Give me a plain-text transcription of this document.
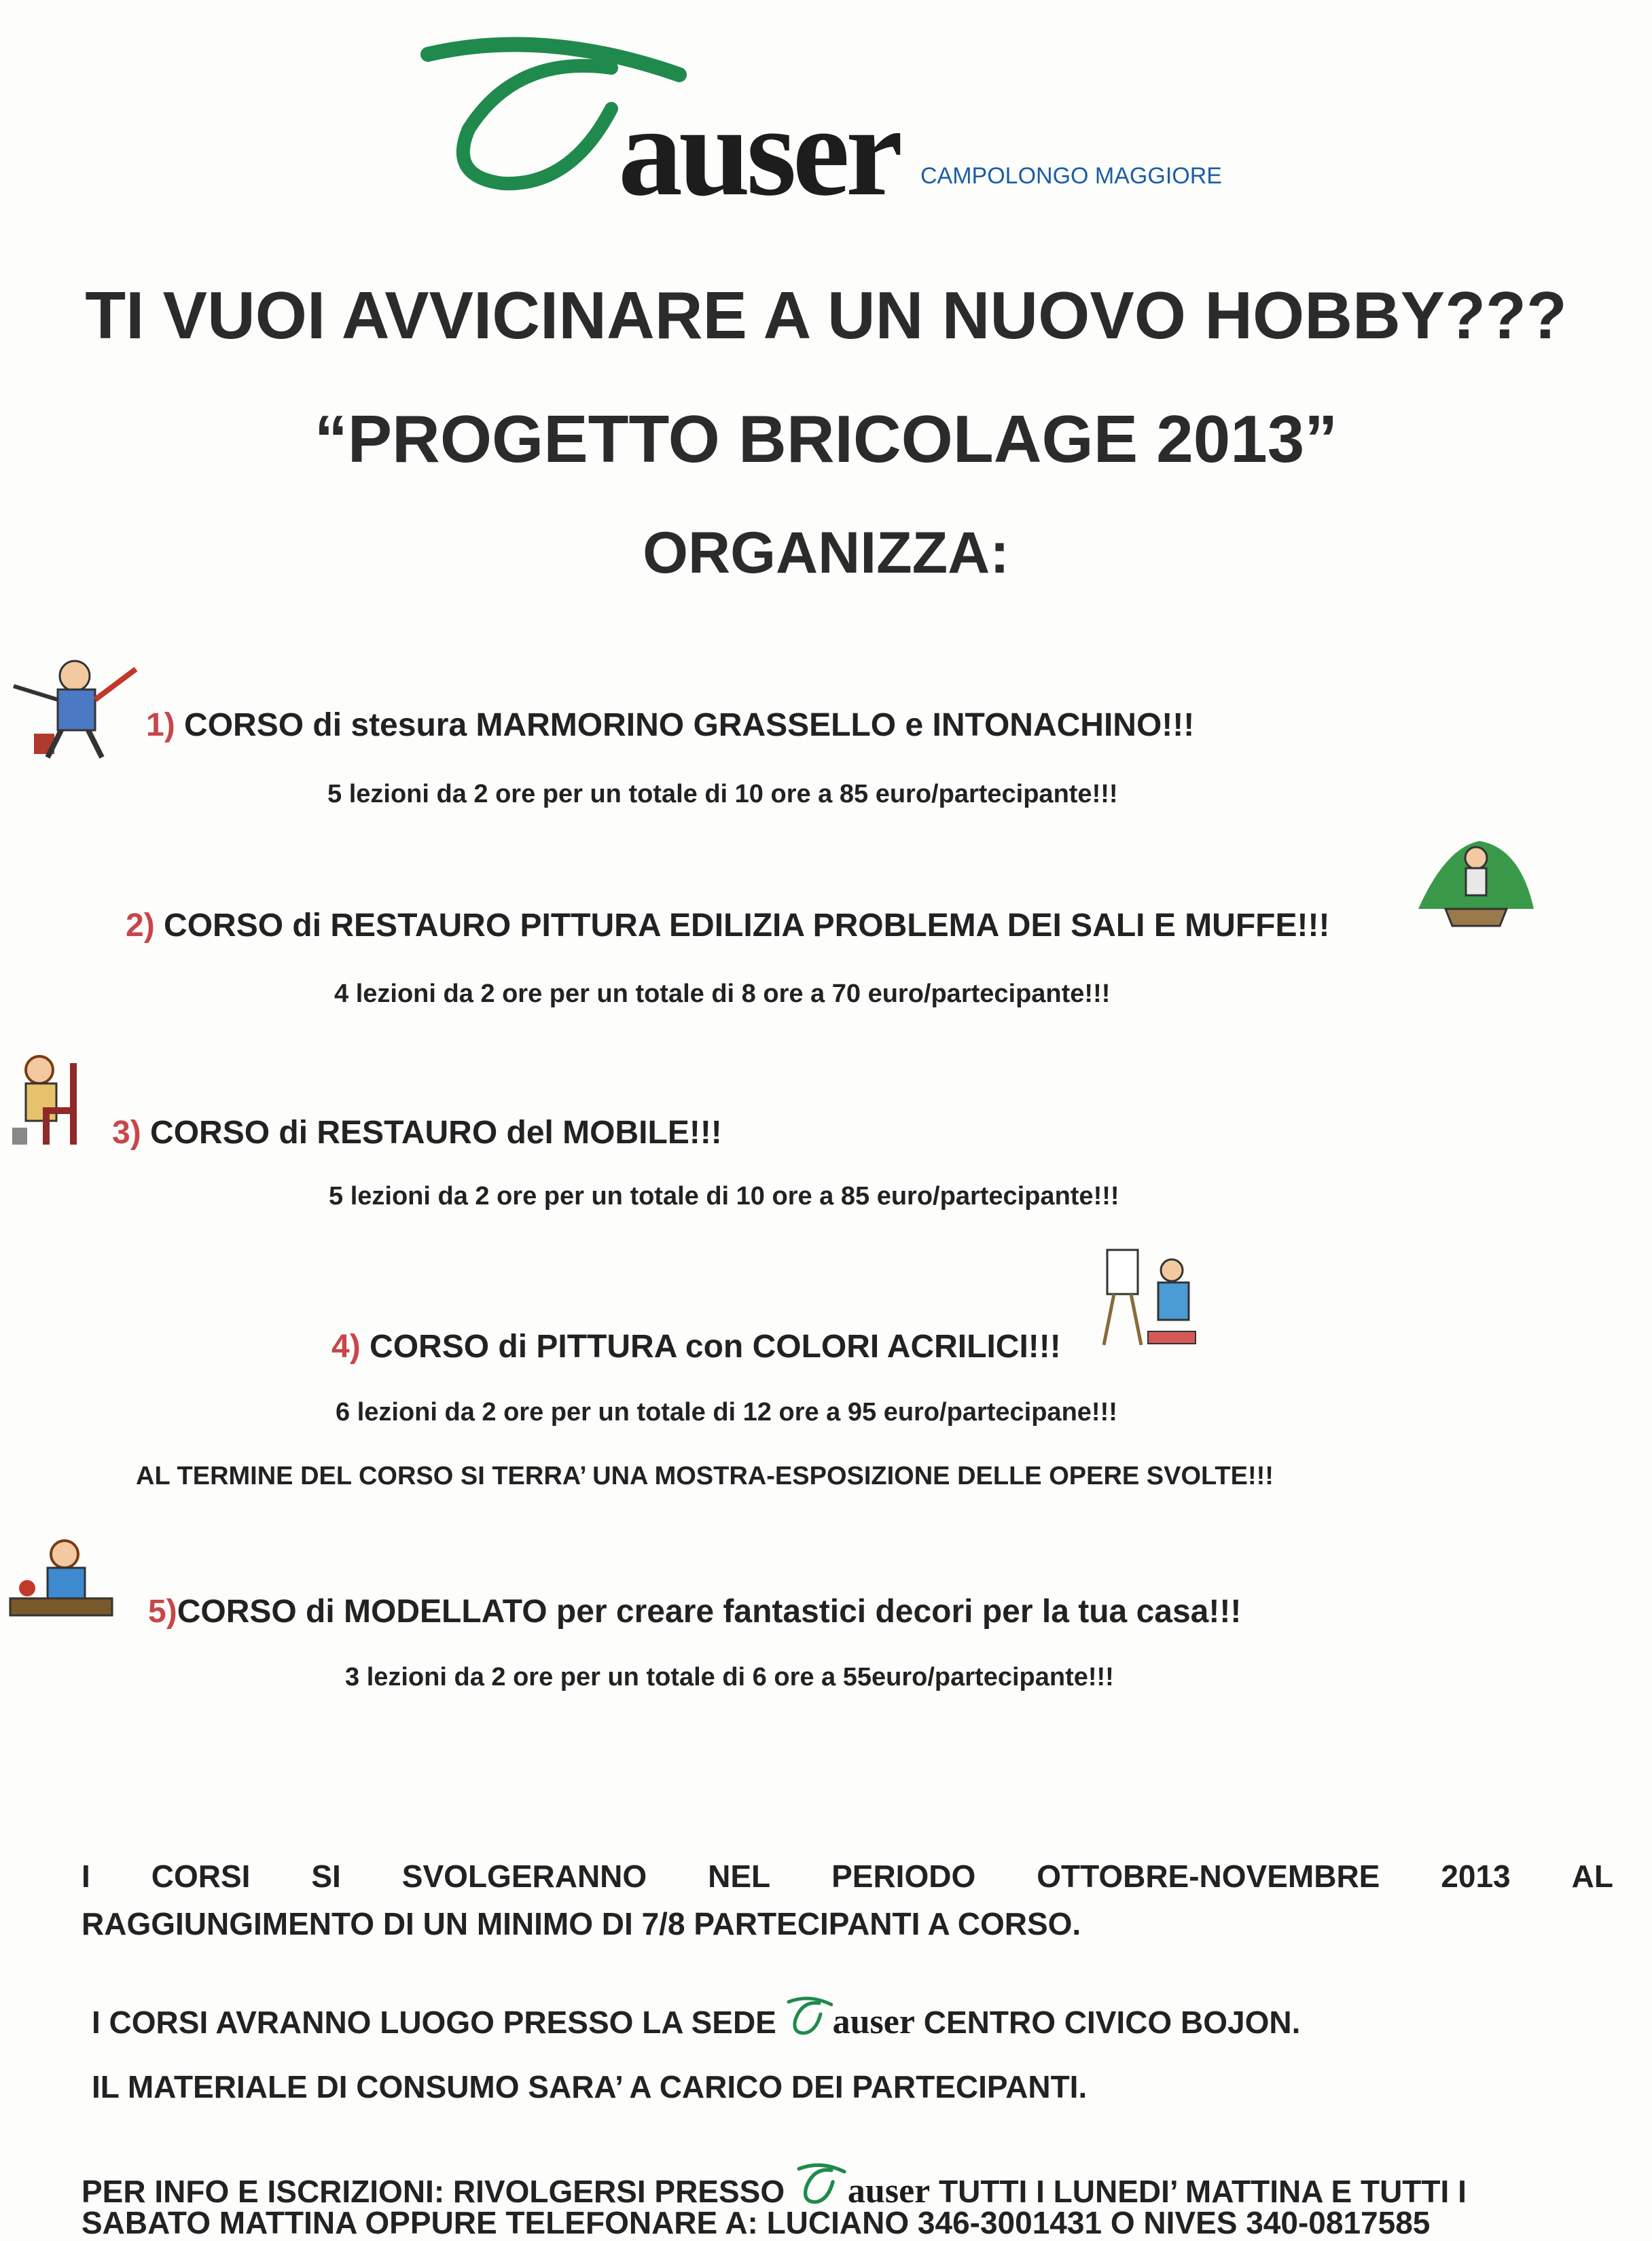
auser CAMPOLONGO MAGGIORE
TI VUOI AVVICINARE A UN NUOVO HOBBY???
“PROGETTO BRICOLAGE 2013”
ORGANIZZA:
1) CORSO di stesura MARMORINO GRASSELLO e INTONACHINO!!!
5 lezioni da 2 ore per un totale di 10 ore a 85 euro/partecipante!!!
2) CORSO di RESTAURO PITTURA EDILIZIA PROBLEMA DEI SALI E MUFFE!!!
4 lezioni da 2 ore per un totale di 8 ore a 70 euro/partecipante!!!
3) CORSO di RESTAURO del MOBILE!!!
5 lezioni da 2 ore per un totale di 10 ore a 85 euro/partecipante!!!
4) CORSO di PITTURA con COLORI ACRILICI!!!
6 lezioni da 2 ore per un totale di 12 ore a 95 euro/partecipane!!!
AL TERMINE DEL CORSO SI TERRA’ UNA MOSTRA-ESPOSIZIONE DELLE OPERE SVOLTE!!!
5)CORSO di MODELLATO per creare fantastici decori per la tua casa!!!
3 lezioni da 2 ore per un totale di 6 ore a 55euro/partecipante!!!
I CORSI SI SVOLGERANNO NEL PERIODO OTTOBRE-NOVEMBRE 2013 AL
RAGGIUNGIMENTO DI UN MINIMO DI 7/8 PARTECIPANTI A CORSO.
I CORSI AVRANNO LUOGO PRESSO LA SEDE auser CENTRO CIVICO BOJON.
IL MATERIALE DI CONSUMO SARA’ A CARICO DEI PARTECIPANTI.
PER INFO E ISCRIZIONI: RIVOLGERSI PRESSO auser TUTTI I LUNEDI’ MATTINA E TUTTI I
SABATO MATTINA OPPURE TELEFONARE A: LUCIANO 346-3001431 O NIVES 340-0817585
